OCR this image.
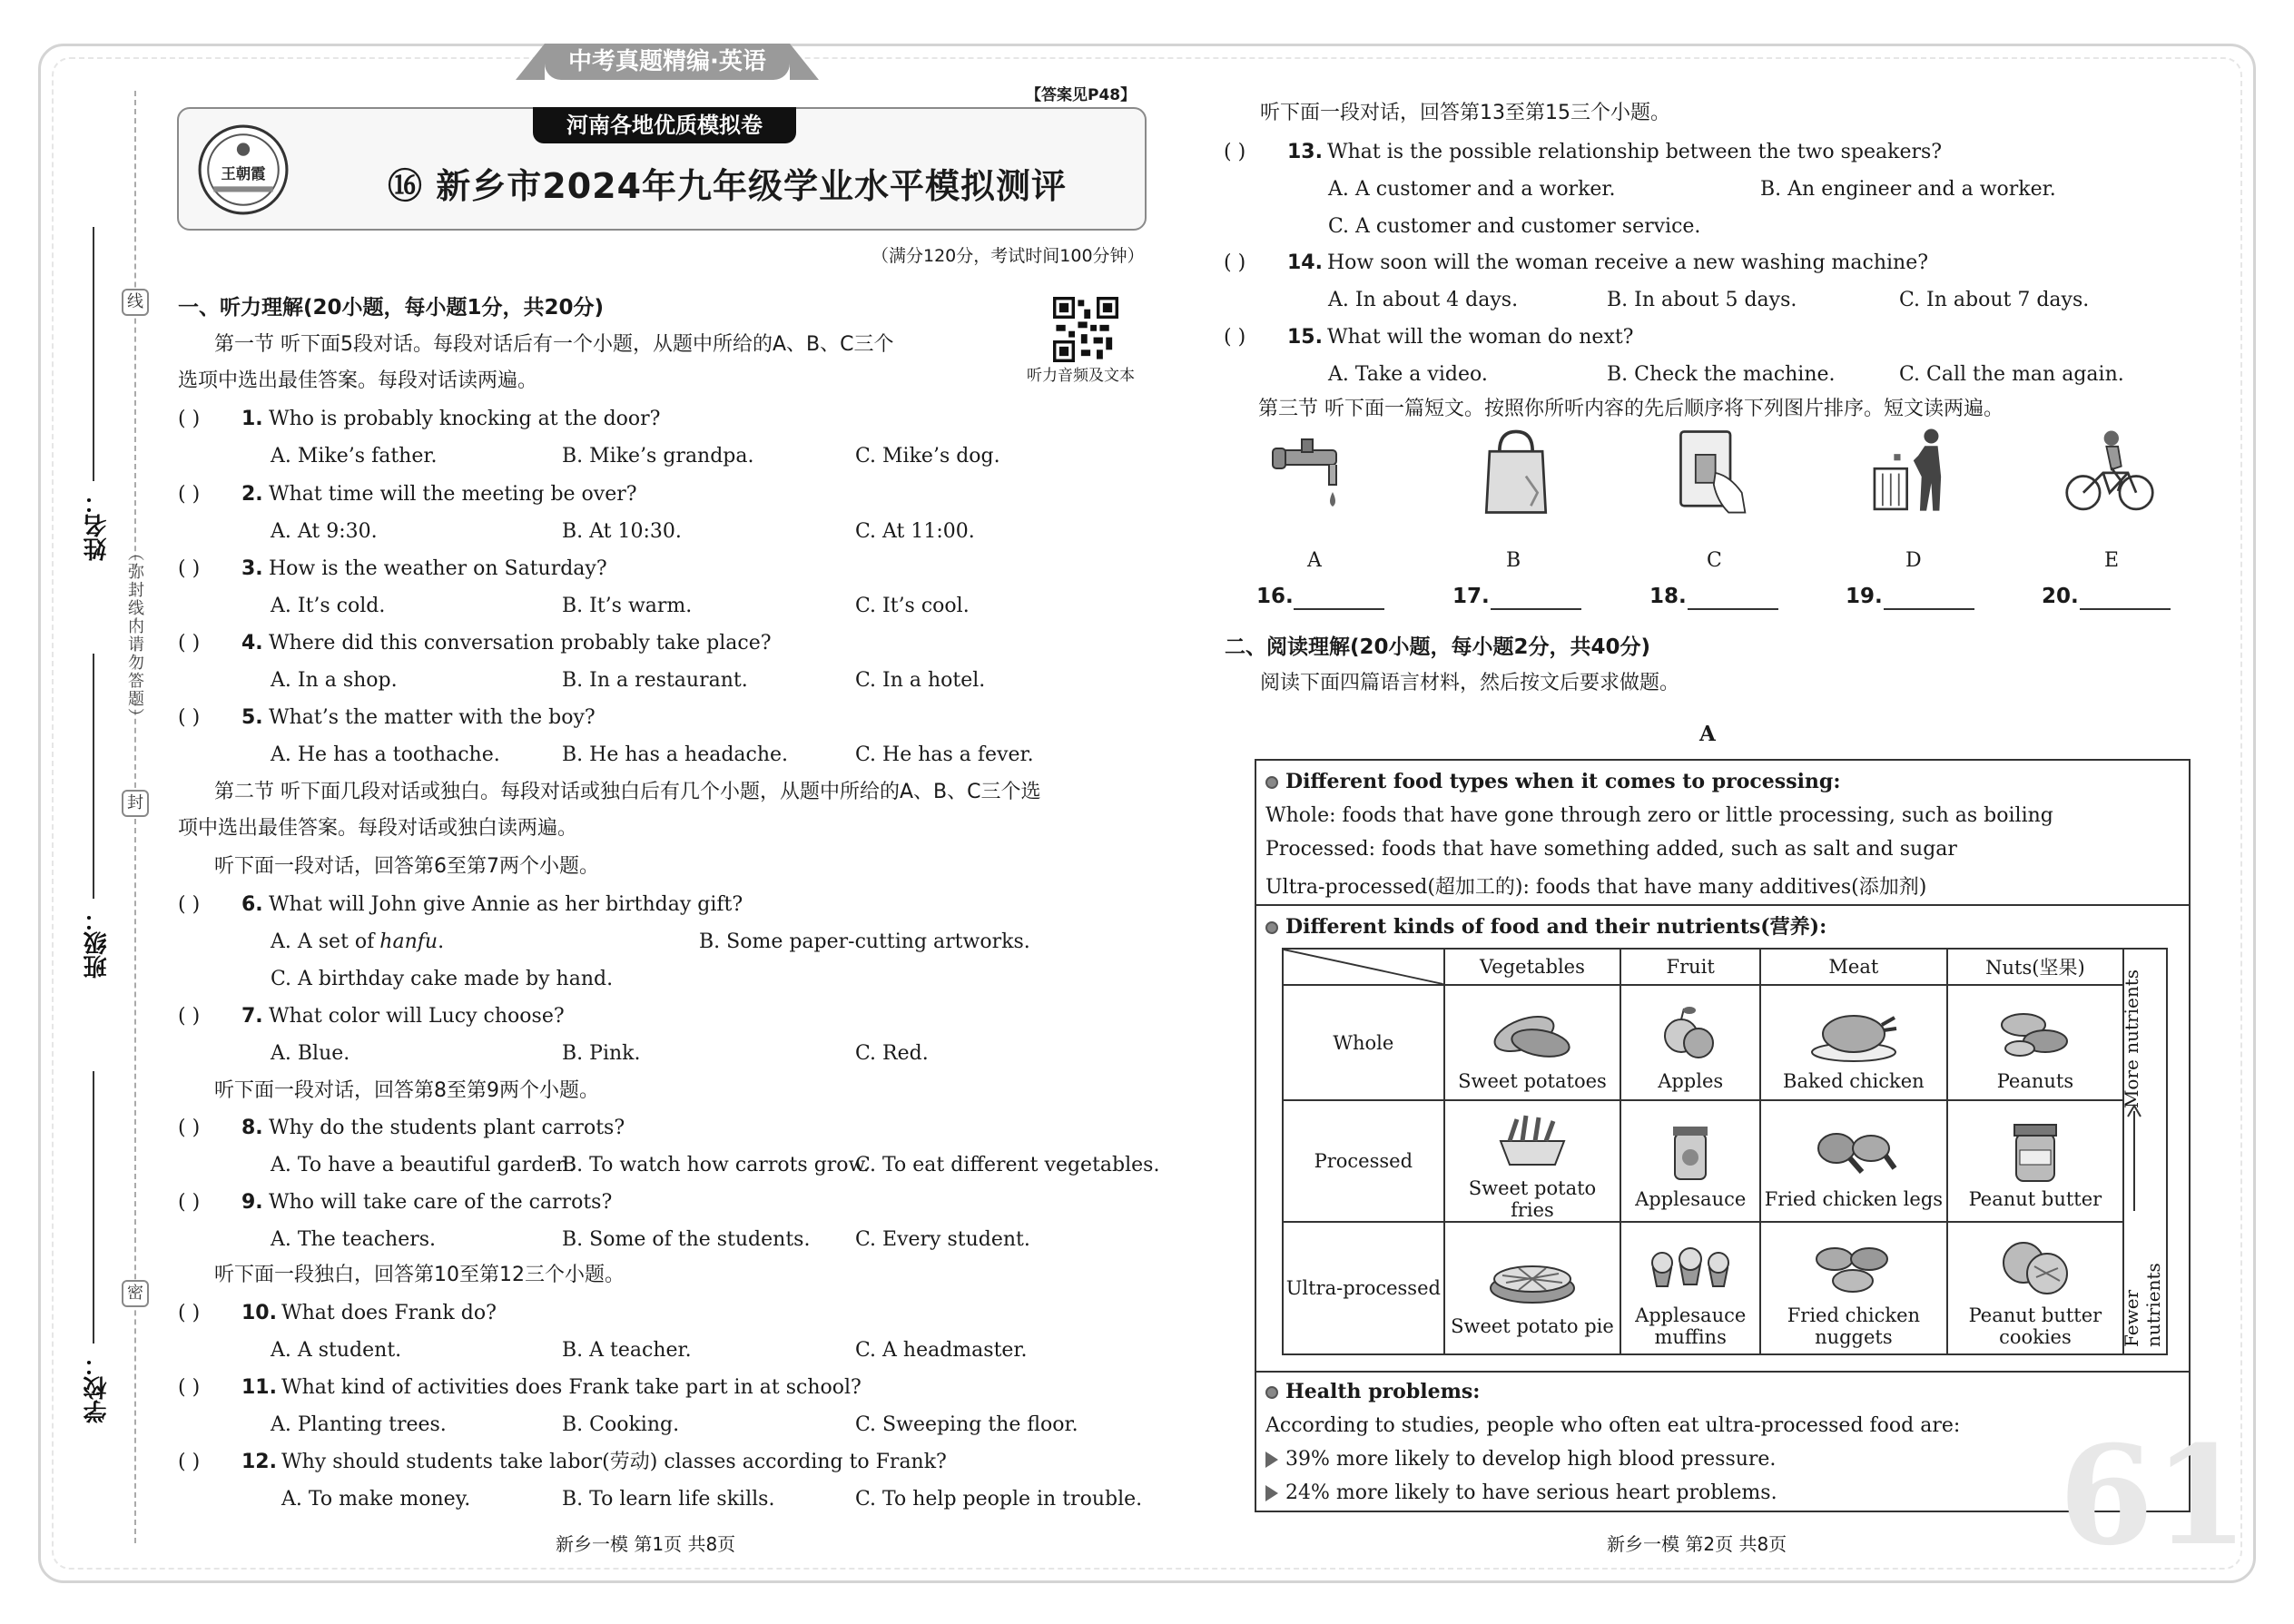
中考真题精编·英语
线
封
密
姓名：
班级：
学校：
（弥封线内请勿答题）
【答案见P48】
河南各地优质模拟卷
王朝霞	⑯ 新乡市2024年九年级学业水平模拟测评
（满分120分，考试时间100分钟）
一、听力理解(20小题，每小题1分，共20分)
听力音频及文本
第一节 听下面5段对话。每段对话后有一个小题，从题中所给的A、B、C三个
选项中选出最佳答案。每段对话读两遍。
( ) 1. Who is probably knocking at the door?
A. Mike’s father.	B. Mike’s grandpa.	C. Mike’s dog.
( ) 2. What time will the meeting be over?
A. At 9:30.	B. At 10:30.	C. At 11:00.
( ) 3. How is the weather on Saturday?
A. It’s cold.	B. It’s warm.	C. It’s cool.
( ) 4. Where did this conversation probably take place?
A. In a shop.	B. In a restaurant.	C. In a hotel.
( ) 5. What’s the matter with the boy?
A. He has a toothache.	B. He has a headache.	C. He has a fever.
( ) 6. What will John give Annie as her birthday gift?
A. A set of hanfu.	B. Some paper-cutting artworks.
C. A birthday cake made by hand.
( ) 7. What color will Lucy choose?
A. Blue.	B. Pink.	C. Red.
( ) 8. Why do the students plant carrots?
A. To have a beautiful garden.
B. To watch how carrots grow.
C. To eat different vegetables.
( ) 9. Who will take care of the carrots?
A. The teachers.	B. Some of the students. C. Every student.
( ) 10. What does Frank do?
A. A student.	B. A teacher.	C. A headmaster.
( ) 11. What kind of activities does Frank take part in at school?
A. Planting trees.	B. Cooking.	C. Sweeping the floor.
( ) 12. Why should students take labor(劳动) classes according to Frank?
A. To make money.	B. To learn life skills.	C. To help people in trouble.
( ) 13. What is the possible relationship between the two speakers?
A. A customer and a worker.	B. An engineer and a worker.
C. A customer and customer service.
( ) 14. How soon will the woman receive a new washing machine?
A. In about 4 days.	B. In about 5 days.	C. In about 7 days.
( ) 15. What will the woman do next?
A. Take a video.	B. Check the machine.	C. Call the man again.
第二节 听下面几段对话或独白。每段对话或独白后有几个小题，从题中所给的A、B、C三个选
项中选出最佳答案。每段对话或独白读两遍。
听下面一段对话，回答第6至第7两个小题。
听下面一段对话，回答第8至第9两个小题。
听下面一段独白，回答第10至第12三个小题。
听下面一段对话，回答第13至第15三个小题。
第三节 听下面一篇短文。按照你所听内容的先后顺序将下列图片排序。短文读两遍。
A	B	C	D	E
16.	17.	18.	19.	20.
二、阅读理解(20小题，每小题2分，共40分)
阅读下面四篇语言材料，然后按文后要求做题。
A
Different food types when it comes to processing:
Whole: foods that have gone through zero or little processing, such as boiling
Processed: foods that have something added, such as salt and sugar
Ultra-processed(超加工的): foods that have many additives(添加剂)
Different kinds of food and their nutrients(营养):
	Vegetables	Fruit	Meat	Nuts(坚果)	
Whole	Sweet potatoes	Apples	Baked chicken	Peanuts	

Processed	Sweet potato fries	Applesauce	Fried chicken legs	Peanut butter	

Ultra-processed	Sweet potato pie	Applesauce muffins	Fried chicken nuggets	Peanut butter cookies	
More nutrients
Fewer nutrients
Health problems:
According to studies, people who often eat ultra-processed food are:
39% more likely to develop high blood pressure.
24% more likely to have serious heart problems. 61
新乡一模 第1页 共8页	新乡一模 第2页 共8页
